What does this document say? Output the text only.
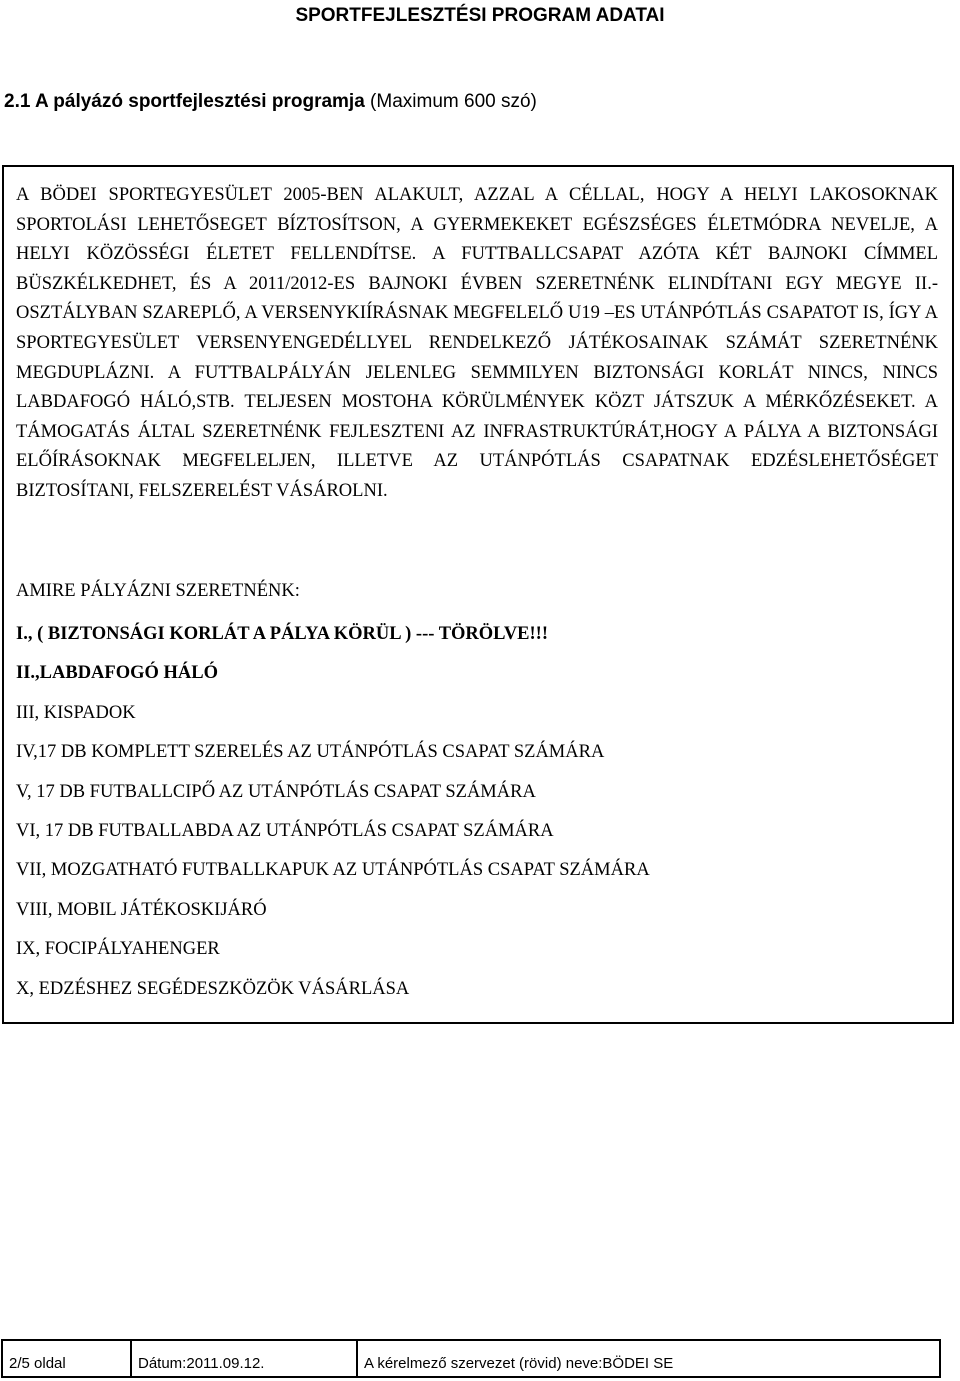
SPORTFEJLESZTÉSI PROGRAM ADATAI
2.1 A pályázó sportfejlesztési programja (Maximum 600 szó)

A BÖDEI SPORTEGYESÜLET 2005-BEN ALAKULT, AZZAL A CÉLLAL, HOGY A HELYI LAKOSOKNAK SPORTOLÁSI LEHETŐSEGET BÍZTOSÍTSON, A GYERMEKEKET EGÉSZSÉGES ÉLETMÓDRA NEVELJE, A HELYI KÖZÖSSÉGI ÉLETET FELLENDÍTSE. A FUTTBALLCSAPAT AZÓTA KÉT BAJNOKI CÍMMEL BÜSZKÉLKEDHET, ÉS A 2011/2012-ES BAJNOKI ÉVBEN SZERETNÉNK ELINDÍTANI EGY MEGYE II.-OSZTÁLYBAN SZAREPLŐ, A VERSENYKIÍRÁSNAK MEGFELELŐ U19 –ES UTÁNPÓTLÁS CSAPATOT IS, ÍGY A SPORTEGYESÜLET VERSENYENGEDÉLLYEL RENDELKEZŐ JÁTÉKOSAINAK SZÁMÁT SZERETNÉNK MEGDUPLÁZNI. A FUTTBALPÁLYÁN JELENLEG SEMMILYEN BIZTONSÁGI KORLÁT NINCS, NINCS LABDAFOGÓ HÁLÓ,STB. TELJESEN MOSTOHA KÖRÜLMÉNYEK KÖZT JÁTSZUK A MÉRKŐZÉSEKET. A TÁMOGATÁS ÁLTAL SZERETNÉNK FEJLESZTENI AZ INFRASTRUKTÚRÁT,HOGY A PÁLYA A BIZTONSÁGI ELŐÍRÁSOKNAK MEGFELELJEN, ILLETVE AZ UTÁNPÓTLÁS CSAPATNAK EDZÉSLEHETŐSÉGET BIZTOSÍTANI, FELSZERELÉST VÁSÁROLNI.

AMIRE PÁLYÁZNI SZERETNÉNK:

I., ( BIZTONSÁGI KORLÁT A PÁLYA KÖRÜL ) --- TÖRÖLVE!!!
II.,LABDAFOGÓ HÁLÓ
III, KISPADOK
IV,17 DB KOMPLETT SZERELÉS AZ UTÁNPÓTLÁS CSAPAT SZÁMÁRA
V, 17 DB FUTBALLCIPŐ AZ UTÁNPÓTLÁS CSAPAT SZÁMÁRA
VI, 17 DB FUTBALLABDA AZ UTÁNPÓTLÁS CSAPAT SZÁMÁRA
VII, MOZGATHATÓ FUTBALLKAPUK AZ UTÁNPÓTLÁS CSAPAT SZÁMÁRA
VIII, MOBIL JÁTÉKOSKIJÁRÓ
IX, FOCIPÁLYAHENGER
X, EDZÉSHEZ SEGÉDESZKÖZÖK VÁSÁRLÁSA
2/5 oldal	Dátum:2011.09.12.	A kérelmező szervezet (rövid) neve:BÖDEI SE
